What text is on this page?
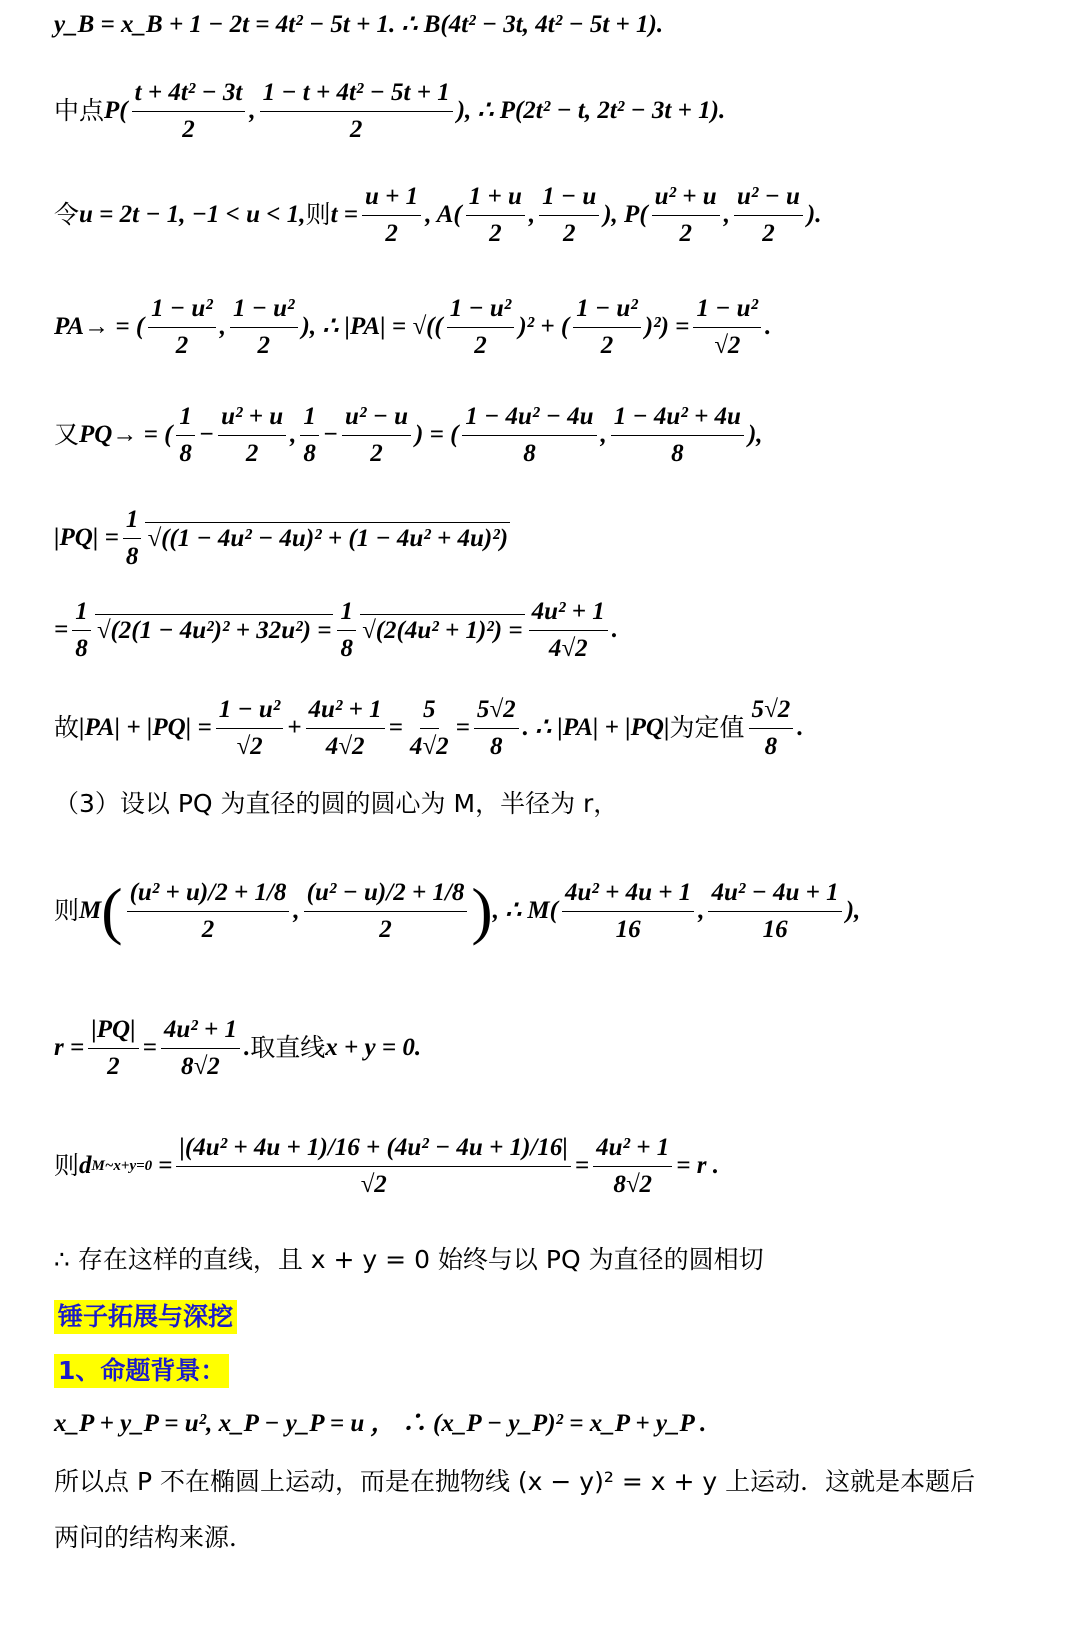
y_B = x_B + 1 − 2t = 4t² − 5t + 1. ∴ B(4t² − 3t, 4t² − 5t + 1).
中点 $P( \frac{\text{t + 4t² − 3t}}{2}$ , $\frac{\text{1 − t + 4t² − 5t + 1}}{2}$ ), ∴ P(2t² − t, 2t² − 3t + 1).
令 u = 2t − 1, −1 < u < 1, 则 $t = \frac{u + 1}{2}$ , $A( \frac{1 + u}{2}$ , $\frac{1 - u}{2}$ ), $P( \frac{\text{u² + u}}{2}$ , $\frac{\text{u² − u}}{2}$ ).
PA→ = ( $\frac{\text{1 − u²}}{2}$ , $\frac{\text{1 − u²}}{2}$ ), ∴ |PA| = √(( $\frac{\text{1 − u²}}{2} )^2$ + ( $\frac{\text{1 − u²}}{2} )^2) = \frac{\text{1 − u²}}{√2}$ .
又 PQ→ = ( $\frac{1}{8} - \frac{\text{u² + u}}{2}$ , $\frac{1}{8} - \frac{\text{u² − u}}{2}$ ) = ( $\frac{\text{1 − 4u² − 4u}}{8}$ , $\frac{\text{1 − 4u² + 4u}}{8}$ ),
$|PQ| = \frac{1}{8} √((1 - 4u^2 - 4u)^2 + (1 - 4u^2 + 4u)^2)$
= $\frac{1}{8} √(2(1 - 4u^2)^2 + 32u^2) = \frac{1}{8} √(2(4u^2 + 1)^2) = \frac{\text{4u² + 1}}{4√2}$ .
故 $|PA| + |PQ| = \frac{\text{1 − u²}}{√2} + \frac{\text{4u² + 1}}{4√2} = \frac{5}{4√2} = \frac{5√2}{8}$ . ∴ |PA| + |PQ| 为定值 $\frac{5√2}{8}$ .
（3）设以 PQ 为直径的圆的圆心为 M，半径为 r，
则 M ( $\frac{\text{(u² + u)/2 + 1/8}}{2}$ , $\frac{\text{(u² − u)/2 + 1/8}}{2}$ ) , ∴ $M( \frac{\text{4u² + 4u + 1}}{16}$ , $\frac{\text{4u² − 4u + 1}}{16}$ ),
$r = \frac{|PQ|}{2} = \frac{\text{4u² + 1}}{8√2}$ . 取直线 x + y = 0.
则 d M~x+y=0 = $\frac{\text{|(4u² + 4u + 1)/16 + (4u² − 4u + 1)/16|}}{√2} = \frac{\text{4u² + 1}}{8√2} = r$ .
∴ 存在这样的直线，且 x + y = 0 始终与以 PQ 为直径的圆相切
锤子拓展与深挖
1、命题背景：
x_P + y_P = u², x_P − y_P = u ， ∴ (x_P − y_P)² = x_P + y_P .
所以点 P 不在椭圆上运动，而是在抛物线 (x − y)² = x + y 上运动．这就是本题后
两问的结构来源．
